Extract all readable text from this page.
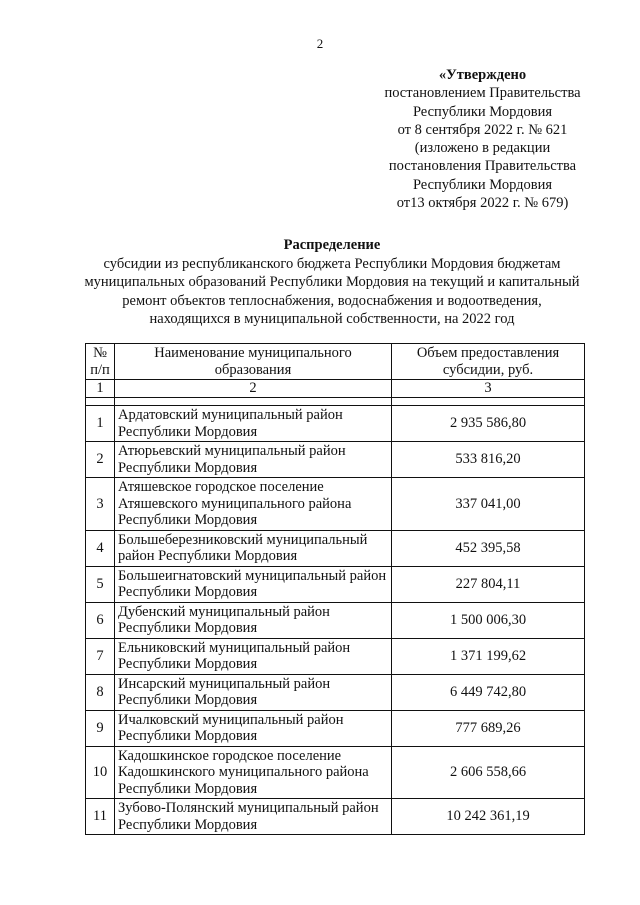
2
«Утверждено
постановлением Правительства
Республики Мордовия
от 8 сентября 2022 г. № 621
(изложено в редакции
постановления Правительства
Республики Мордовия
от13 октября 2022 г. № 679)
Распределение
субсидии из республиканского бюджета Республики Мордовия бюджетам муниципальных образований Республики Мордовия на текущий и капитальный ремонт объектов теплоснабжения, водоснабжения и водоотведения, находящихся в муниципальной собственности, на 2022 год
№ п/п	Наименование муниципального образования	Объем предоставления субсидии, руб.
1	2	3

1	Ардатовский муниципальный район Республики Мордовия	2 935 586,80
2	Атюрьевский муниципальный район Республики Мордовия	533 816,20
3	Атяшевское городское поселение Атяшевского муниципального района Республики Мордовия	337 041,00
4	Большеберезниковский муниципальный район Республики Мордовия	452 395,58
5	Большеигнатовский муниципальный район Республики Мордовия	227 804,11
6	Дубенский муниципальный район Республики Мордовия	1 500 006,30
7	Ельниковский муниципальный район Республики Мордовия	1 371 199,62
8	Инсарский муниципальный район Республики Мордовия	6 449 742,80
9	Ичалковский муниципальный район Республики Мордовия	777 689,26
10	Кадошкинское городское поселение Кадошкинского муниципального района Республики Мордовия	2 606 558,66
11	Зубово-Полянский муниципальный район Республики Мордовия	10 242 361,19
